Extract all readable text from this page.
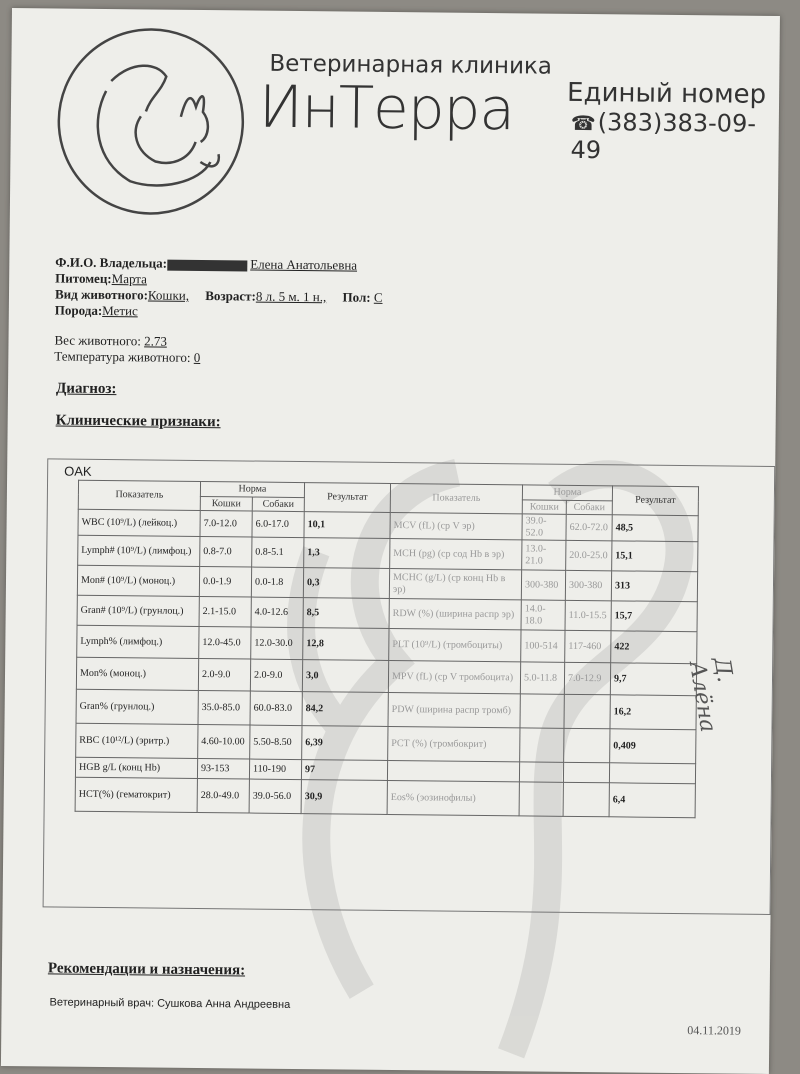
Ветеринарная клиника
ИнТерра Единый номер
☎(383)383-09-49
Ф.И.О. Владельца:	Елена Анатольевна
Питомец:Марта
Вид животного:Кошки, Возраст:8 л. 5 м. 1 н., Пол: С
Порода:Метис
Вес животного: 2.73
Температура животного: 0
Диагноз:
Клинические признаки:
OAK
Показатель	Норма		Результат	Показатель	Норма		Результат
	Кошки	Собаки			Кошки	Собаки	
WBC (10⁹/L) (лейкоц.)	7.0-12.0	6.0-17.0	10,1	MCV (fL) (ср V эр)	39.0-52.0	62.0-72.0	48,5
Lymph# (10⁹/L) (лимфоц.)	0.8-7.0	0.8-5.1	1,3	MCH (pg) (ср сод Hb в эр)	13.0-21.0	20.0-25.0	15,1
Mon# (10⁹/L) (моноц.)	0.0-1.9	0.0-1.8	0,3	MCHC (g/L) (ср конц Hb в эр)	300-380	300-380	313
Gran# (10⁹/L) (грунлоц.)	2.1-15.0	4.0-12.6	8,5	RDW (%) (ширина распр эр)	14.0-18.0	11.0-15.5	15,7
Lymph% (лимфоц.)	12.0-45.0	12.0-30.0	12,8	PLT (10⁹/L) (тромбоциты)	100-514	117-460	422
Mon% (моноц.)	2.0-9.0	2.0-9.0	3,0	MPV (fL) (ср V тромбоцита)	5.0-11.8	7.0-12.9	9,7
Gran% (грунлоц.)	35.0-85.0	60.0-83.0	84,2	PDW (ширина распр тромб)			16,2
RBC (10¹²/L) (эритр.)	4.60-10.00	5.50-8.50	6,39	PCT (%) (тромбокрит)			0,409
HGB g/L (конц Hb)	93-153	110-190	97				
HCT(%) (гематокрит)	28.0-49.0	39.0-56.0	30,9	Eos% (эозинофилы)			6,4
Д. Алёна
Рекомендации и назначения:
Ветеринарный врач: Сушкова Анна Андреевна
04.11.2019
